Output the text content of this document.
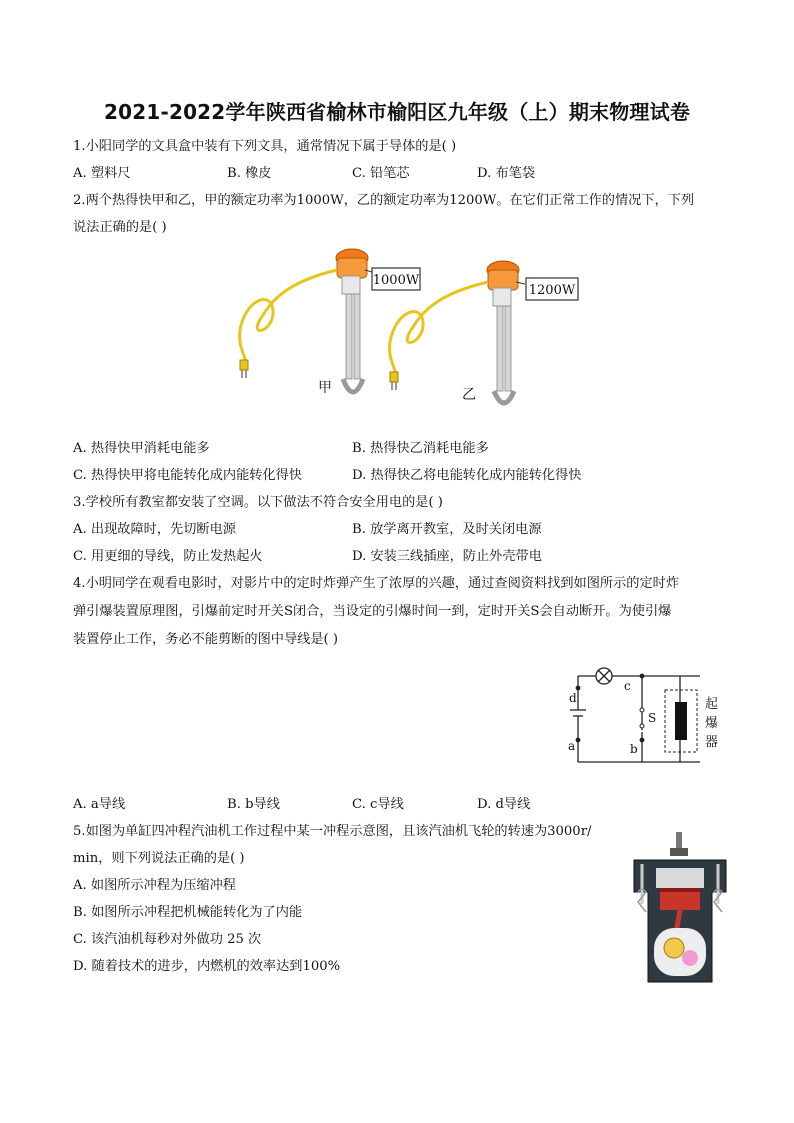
2021-2022学年陕西省榆林市榆阳区九年级（上）期末物理试卷
1.小阳同学的文具盒中装有下列文具，通常情况下属于导体的是( )
A. 塑料尺	B. 橡皮	C. 铅笔芯	D. 布笔袋
2.两个热得快甲和乙，甲的额定功率为1000W，乙的额定功率为1200W。在它们正常工作的情况下，下列
说法正确的是( )
1000W
甲
1200W
乙
A. 热得快甲消耗电能多	B. 热得快乙消耗电能多
C. 热得快甲将电能转化成内能转化得快	D. 热得快乙将电能转化成内能转化得快
3.学校所有教室都安装了空调。以下做法不符合安全用电的是( )
A. 出现故障时，先切断电源	B. 放学离开教室，及时关闭电源
C. 用更细的导线，防止发热起火	D. 安装三线插座，防止外壳带电
4.小明同学在观看电影时，对影片中的定时炸弹产生了浓厚的兴趣，通过查阅资料找到如图所示的定时炸
弹引爆装置原理图，引爆前定时开关S闭合，当设定的引爆时间一到，定时开关S会自动断开。为使引爆
装置停止工作，务必不能剪断的图中导线是( )
d
c
a	b
S
起
爆
器
A. a导线	B. b导线	C. c导线	D. d导线
5.如图为单缸四冲程汽油机工作过程中某一冲程示意图，且该汽油机飞轮的转速为3000r/
min，则下列说法正确的是( )
A. 如图所示冲程为压缩冲程
B. 如图所示冲程把机械能转化为了内能
C. 该汽油机每秒对外做功 25 次
D. 随着技术的进步，内燃机的效率达到100%
